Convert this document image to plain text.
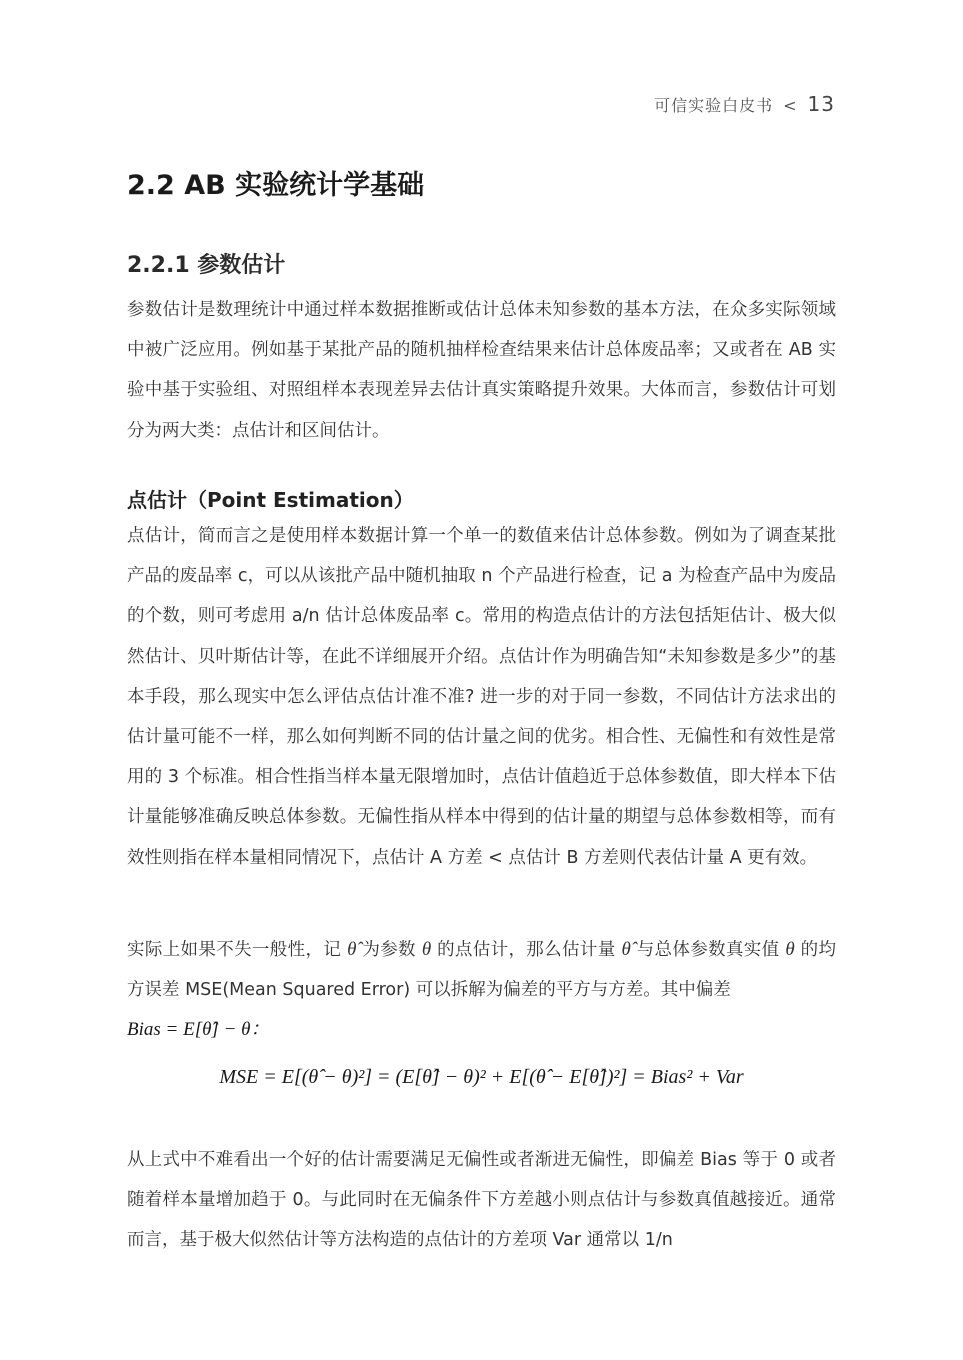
可信实验白皮书 < 13
2.2 AB 实验统计学基础
2.2.1 参数估计

参数估计是数理统计中通过样本数据推断或估计总体未知参数的基本方法，在众多实际领域中被广泛应用。例如基于某批产品的随机抽样检查结果来估计总体废品率；又或者在 AB 实验中基于实验组、对照组样本表现差异去估计真实策略提升效果。大体而言，参数估计可划分为两大类：点估计和区间估计。

点估计（Point Estimation）

点估计，简而言之是使用样本数据计算一个单一的数值来估计总体参数。例如为了调查某批产品的废品率 c，可以从该批产品中随机抽取 n 个产品进行检查，记 a 为检查产品中为废品的个数，则可考虑用 a/n 估计总体废品率 c。常用的构造点估计的方法包括矩估计、极大似然估计、贝叶斯估计等，在此不详细展开介绍。点估计作为明确告知“未知参数是多少”的基本手段，那么现实中怎么评估点估计准不准? 进一步的对于同一参数，不同估计方法求出的估计量可能不一样，那么如何判断不同的估计量之间的优劣。相合性、无偏性和有效性是常用的 3 个标准。相合性指当样本量无限增加时，点估计值趋近于总体参数值，即大样本下估计量能够准确反映总体参数。无偏性指从样本中得到的估计量的期望与总体参数相等，而有效性则指在样本量相同情况下，点估计 A 方差 < 点估计 B 方差则代表估计量 A 更有效。

实际上如果不失一般性，记 θ̂ 为参数 θ 的点估计，那么估计量 θ̂ 与总体参数真实值 θ 的均方误差 MSE(Mean Squared Error) 可以拆解为偏差的平方与方差。其中偏差
Bias = E[θ̂] − θ：

MSE = E[(θ̂ − θ)²] = (E[θ̂] − θ)² + E[(θ̂ − E[θ̂])²] = Bias² + Var

从上式中不难看出一个好的估计需要满足无偏性或者渐进无偏性，即偏差 Bias 等于 0 或者随着样本量增加趋于 0。与此同时在无偏条件下方差越小则点估计与参数真值越接近。通常而言，基于极大似然估计等方法构造的点估计的方差项 Var 通常以 1/n
